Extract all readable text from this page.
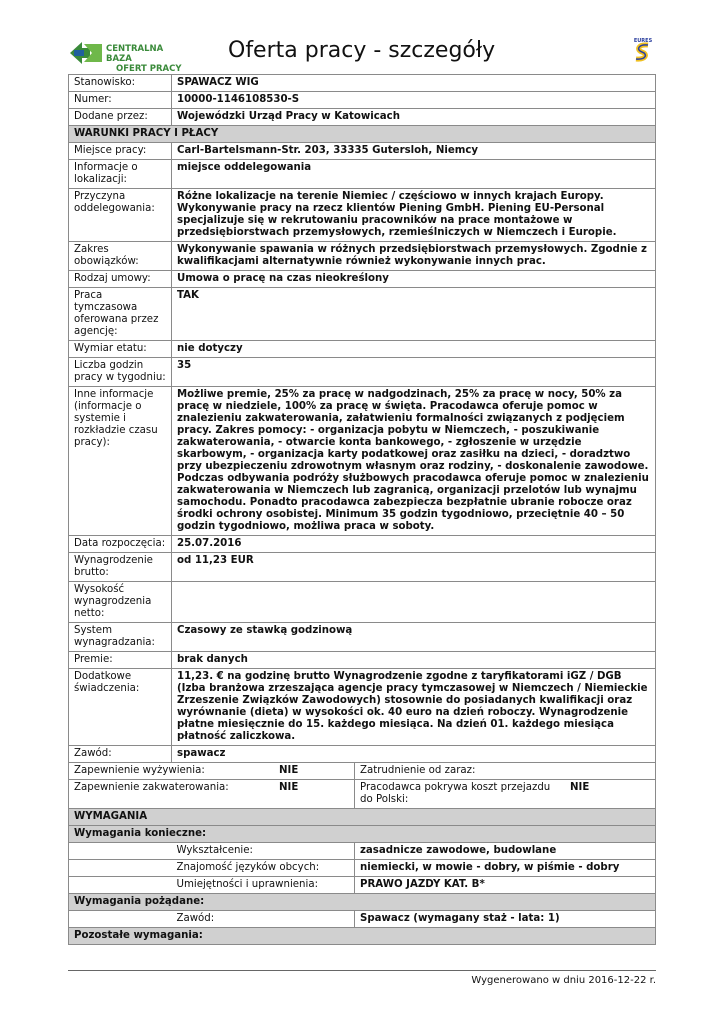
CENTRALNA BAZA
OFERT PRACY
Oferta pracy - szczegóły	EURES
Stanowisko:	SPAWACZ WIG			
Numer:	10000-1146108530-S			
Dodane przez:	Wojewódzki Urząd Pracy w Katowicach			
WARUNKI PRACY I PŁACY				
Miejsce pracy:	Carl-Bartelsmann-Str. 203, 33335 Gutersloh, Niemcy			
Informacje o lokalizacji:	miejsce oddelegowania			
Przyczyna oddelegowania:	Różne lokalizacje na terenie Niemiec / częściowo w innych krajach Europy. Wykonywanie pracy na rzecz klientów Piening GmbH. Piening EU-Personal specjalizuje się w rekrutowaniu pracowników na prace montażowe w przedsiębiorstwach przemysłowych, rzemieślniczych w Niemczech i Europie.			
Zakres obowiązków:	Wykonywanie spawania w różnych przedsiębiorstwach przemysłowych. Zgodnie z kwalifikacjami alternatywnie również wykonywanie innych prac.			
Rodzaj umowy:	Umowa o pracę na czas nieokreślony			
Praca tymczasowa oferowana przez agencję:	TAK			
Wymiar etatu:	nie dotyczy			
Liczba godzin pracy w tygodniu:	35			
Inne informacje (informacje o systemie i rozkładzie czasu pracy):	Możliwe premie, 25% za pracę w nadgodzinach, 25% za pracę w nocy, 50% za pracę w niedziele, 100% za pracę w święta. Pracodawca oferuje pomoc w znalezieniu zakwaterowania, załatwieniu formalności związanych z podjęciem pracy. Zakres pomocy: - organizacja pobytu w Niemczech, - poszukiwanie zakwaterowania, - otwarcie konta bankowego, - zgłoszenie w urzędzie skarbowym, - organizacja karty podatkowej oraz zasiłku na dzieci, - doradztwo przy ubezpieczeniu zdrowotnym własnym oraz rodziny, - doskonalenie zawodowe. Podczas odbywania podróży służbowych pracodawca oferuje pomoc w znalezieniu zakwaterowania w Niemczech lub zagranicą, organizacji przelotów lub wynajmu samochodu. Ponadto pracodawca zabezpiecza bezpłatnie ubranie robocze oraz środki ochrony osobistej. Minimum 35 godzin tygodniowo, przeciętnie 40 – 50 godzin tygodniowo, możliwa praca w soboty.			
Data rozpoczęcia:	25.07.2016			
Wynagrodzenie brutto:	od 11,23 EUR			
Wysokość wynagrodzenia netto:				
System wynagradzania:	Czasowy ze stawką godzinową			
Premie:	brak danych			
Dodatkowe świadczenia:	11,23. € na godzinę brutto Wynagrodzenie zgodne z taryfikatorami iGZ / DGB (Izba branżowa zrzeszająca agencje pracy tymczasowej w Niemczech / Niemieckie Zrzeszenie Związków Zawodowych) stosownie do posiadanych kwalifikacji oraz wyrównanie (dieta) w wysokości ok. 40 euro na dzień roboczy. Wynagrodzenie płatne miesięcznie do 15. każdego miesiąca. Na dzień 01. każdego miesiąca płatność zaliczkowa.			
Zawód:	spawacz			
Zapewnienie wyżywienia:		NIE	Zatrudnienie od zaraz:	
Zapewnienie zakwaterowania:		NIE	Pracodawca pokrywa koszt przejazdu do Polski:	NIE
WYMAGANIA				
Wymagania konieczne:				
	Wykształcenie:		zasadnicze zawodowe, budowlane	
	Znajomość języków obcych:		niemiecki, w mowie - dobry, w piśmie - dobry	
	Umiejętności i uprawnienia:		PRAWO JAZDY KAT. B*	
Wymagania pożądane:				
	Zawód:		Spawacz (wymagany staż - lata: 1)	
Pozostałe wymagania:				
Wygenerowano w dniu 2016-12-22 r.
